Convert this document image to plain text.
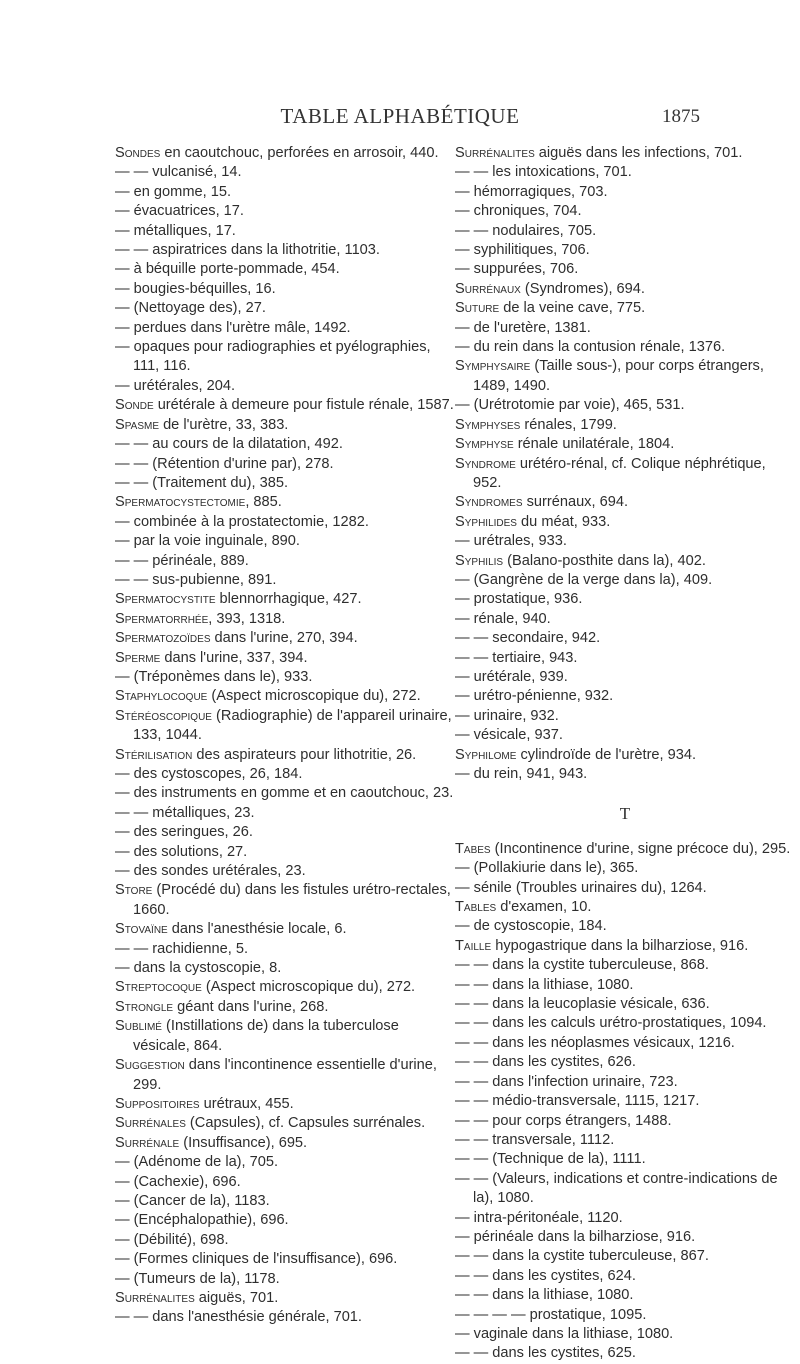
TABLE ALPHABÉTIQUE	1875

Sondes en caoutchouc, perforées en arrosoir, 440.

— — vulcanisé, 14.

— en gomme, 15.

— évacuatrices, 17.

— métalliques, 17.

— — aspiratrices dans la lithotritie, 1103.

— à béquille porte-pommade, 454.

— bougies-béquilles, 16.

— (Nettoyage des), 27.

— perdues dans l'urètre mâle, 1492.

— opaques pour radiographies et pyélographies, 111, 116.

— urétérales, 204.

Sonde urétérale à demeure pour fistule rénale, 1587.

Spasme de l'urètre, 33, 383.

— — au cours de la dilatation, 492.

— — (Rétention d'urine par), 278.

— — (Traitement du), 385.

Spermatocystectomie, 885.

— combinée à la prostatectomie, 1282.

— par la voie inguinale, 890.

— — périnéale, 889.

— — sus-pubienne, 891.

Spermatocystite blennorrhagique, 427.

Spermatorrhée, 393, 1318.

Spermatozoïdes dans l'urine, 270, 394.

Sperme dans l'urine, 337, 394.

— (Tréponèmes dans le), 933.

Staphylocoque (Aspect microscopique du), 272.

Stéréoscopique (Radiographie) de l'appareil urinaire, 133, 1044.

Stérilisation des aspirateurs pour lithotritie, 26.

— des cystoscopes, 26, 184.

— des instruments en gomme et en caoutchouc, 23.

— — métalliques, 23.

— des seringues, 26.

— des solutions, 27.

— des sondes urétérales, 23.

Store (Procédé du) dans les fistules urétro-rectales, 1660.

Stovaïne dans l'anesthésie locale, 6.

— — rachidienne, 5.

— dans la cystoscopie, 8.

Streptocoque (Aspect microscopique du), 272.

Strongle géant dans l'urine, 268.

Sublimé (Instillations de) dans la tuberculose vésicale, 864.

Suggestion dans l'incontinence essentielle d'urine, 299.

Suppositoires urétraux, 455.

Surrénales (Capsules), cf. Capsules surrénales.

Surrénale (Insuffisance), 695.

— (Adénome de la), 705.

— (Cachexie), 696.

— (Cancer de la), 1183.

— (Encéphalopathie), 696.

— (Débilité), 698.

— (Formes cliniques de l'insuffisance), 696.

— (Tumeurs de la), 1178.

Surrénalites aiguës, 701.

— — dans l'anesthésie générale, 701.

Surrénalites aiguës dans les infections, 701.

— — les intoxications, 701.

— hémorragiques, 703.

— chroniques, 704.

— — nodulaires, 705.

— syphilitiques, 706.

— suppurées, 706.

Surrénaux (Syndromes), 694.

Suture de la veine cave, 775.

— de l'uretère, 1381.

— du rein dans la contusion rénale, 1376.

Symphysaire (Taille sous-), pour corps étrangers, 1489, 1490.

— (Urétrotomie par voie), 465, 531.

Symphyses rénales, 1799.

Symphyse rénale unilatérale, 1804.

Syndrome urétéro-rénal, cf. Colique néphrétique, 952.

Syndromes surrénaux, 694.

Syphilides du méat, 933.

— urétrales, 933.

Syphilis (Balano-posthite dans la), 402.

— (Gangrène de la verge dans la), 409.

— prostatique, 936.

— rénale, 940.

— — secondaire, 942.

— — tertiaire, 943.

— urétérale, 939.

— urétro-pénienne, 932.

— urinaire, 932.

— vésicale, 937.

Syphilome cylindroïde de l'urètre, 934.

— du rein, 941, 943.

T

Tabes (Incontinence d'urine, signe précoce du), 295.

— (Pollakiurie dans le), 365.

— sénile (Troubles urinaires du), 1264.

Tables d'examen, 10.

— de cystoscopie, 184.

Taille hypogastrique dans la bilharziose, 916.

— — dans la cystite tuberculeuse, 868.

— — dans la lithiase, 1080.

— — dans la leucoplasie vésicale, 636.

— — dans les calculs urétro-prostatiques, 1094.

— — dans les néoplasmes vésicaux, 1216.

— — dans les cystites, 626.

— — dans l'infection urinaire, 723.

— — médio-transversale, 1115, 1217.

— — pour corps étrangers, 1488.

— — transversale, 1112.

— — (Technique de la), 1111.

— — (Valeurs, indications et contre-indications de la), 1080.

— intra-péritonéale, 1120.

— périnéale dans la bilharziose, 916.

— — dans la cystite tuberculeuse, 867.

— — dans les cystites, 624.

— — dans la lithiase, 1080.

— — — — prostatique, 1095.

— vaginale dans la lithiase, 1080.

— — dans les cystites, 625.
